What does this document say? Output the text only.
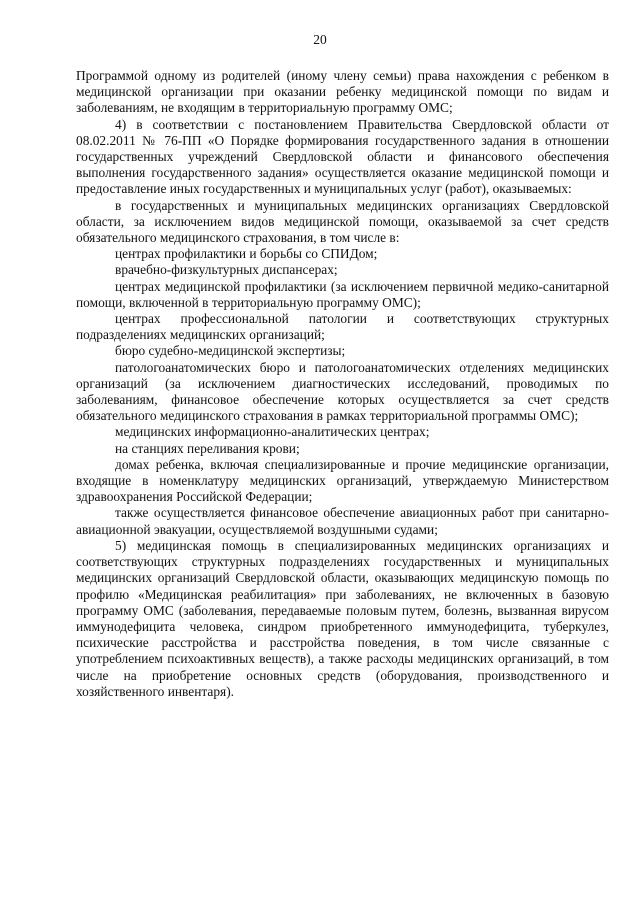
20

Программой одному из родителей (иному члену семьи) права нахождения с ребенком в медицинской организации при оказании ребенку медицинской помощи по видам и заболеваниям, не входящим в территориальную программу ОМС;

4) в соответствии с постановлением Правительства Свердловской области от 08.02.2011 № 76-ПП «О Порядке формирования государственного задания в отношении государственных учреждений Свердловской области и финансового обеспечения выполнения государственного задания» осуществляется оказание медицинской помощи и предоставление иных государственных и муниципальных услуг (работ), оказываемых:

в государственных и муниципальных медицинских организациях Свердловской области, за исключением видов медицинской помощи, оказываемой за счет средств обязательного медицинского страхования, в том числе в:

центрах профилактики и борьбы со СПИДом;

врачебно-физкультурных диспансерах;

центрах медицинской профилактики (за исключением первичной медико-санитарной помощи, включенной в территориальную программу ОМС);

центрах профессиональной патологии и соответствующих структурных подразделениях медицинских организаций;

бюро судебно-медицинской экспертизы;

патологоанатомических бюро и патологоанатомических отделениях медицинских организаций (за исключением диагностических исследований, проводимых по заболеваниям, финансовое обеспечение которых осуществляется за счет средств обязательного медицинского страхования в рамках территориальной программы ОМС);

медицинских информационно-аналитических центрах;

на станциях переливания крови;

домах ребенка, включая специализированные и прочие медицинские организации, входящие в номенклатуру медицинских организаций, утверждаемую Министерством здравоохранения Российской Федерации;

также осуществляется финансовое обеспечение авиационных работ при санитарно-авиационной эвакуации, осуществляемой воздушными судами;

5) медицинская помощь в специализированных медицинских организациях и соответствующих структурных подразделениях государственных и муниципальных медицинских организаций Свердловской области, оказывающих медицинскую помощь по профилю «Медицинская реабилитация» при заболеваниях, не включенных в базовую программу ОМС (заболевания, передаваемые половым путем, болезнь, вызванная вирусом иммунодефицита человека, синдром приобретенного иммунодефицита, туберкулез, психические расстройства и расстройства поведения, в том числе связанные с употреблением психоактивных веществ), а также расходы медицинских организаций, в том числе на приобретение основных средств (оборудования, производственного и хозяйственного инвентаря).
